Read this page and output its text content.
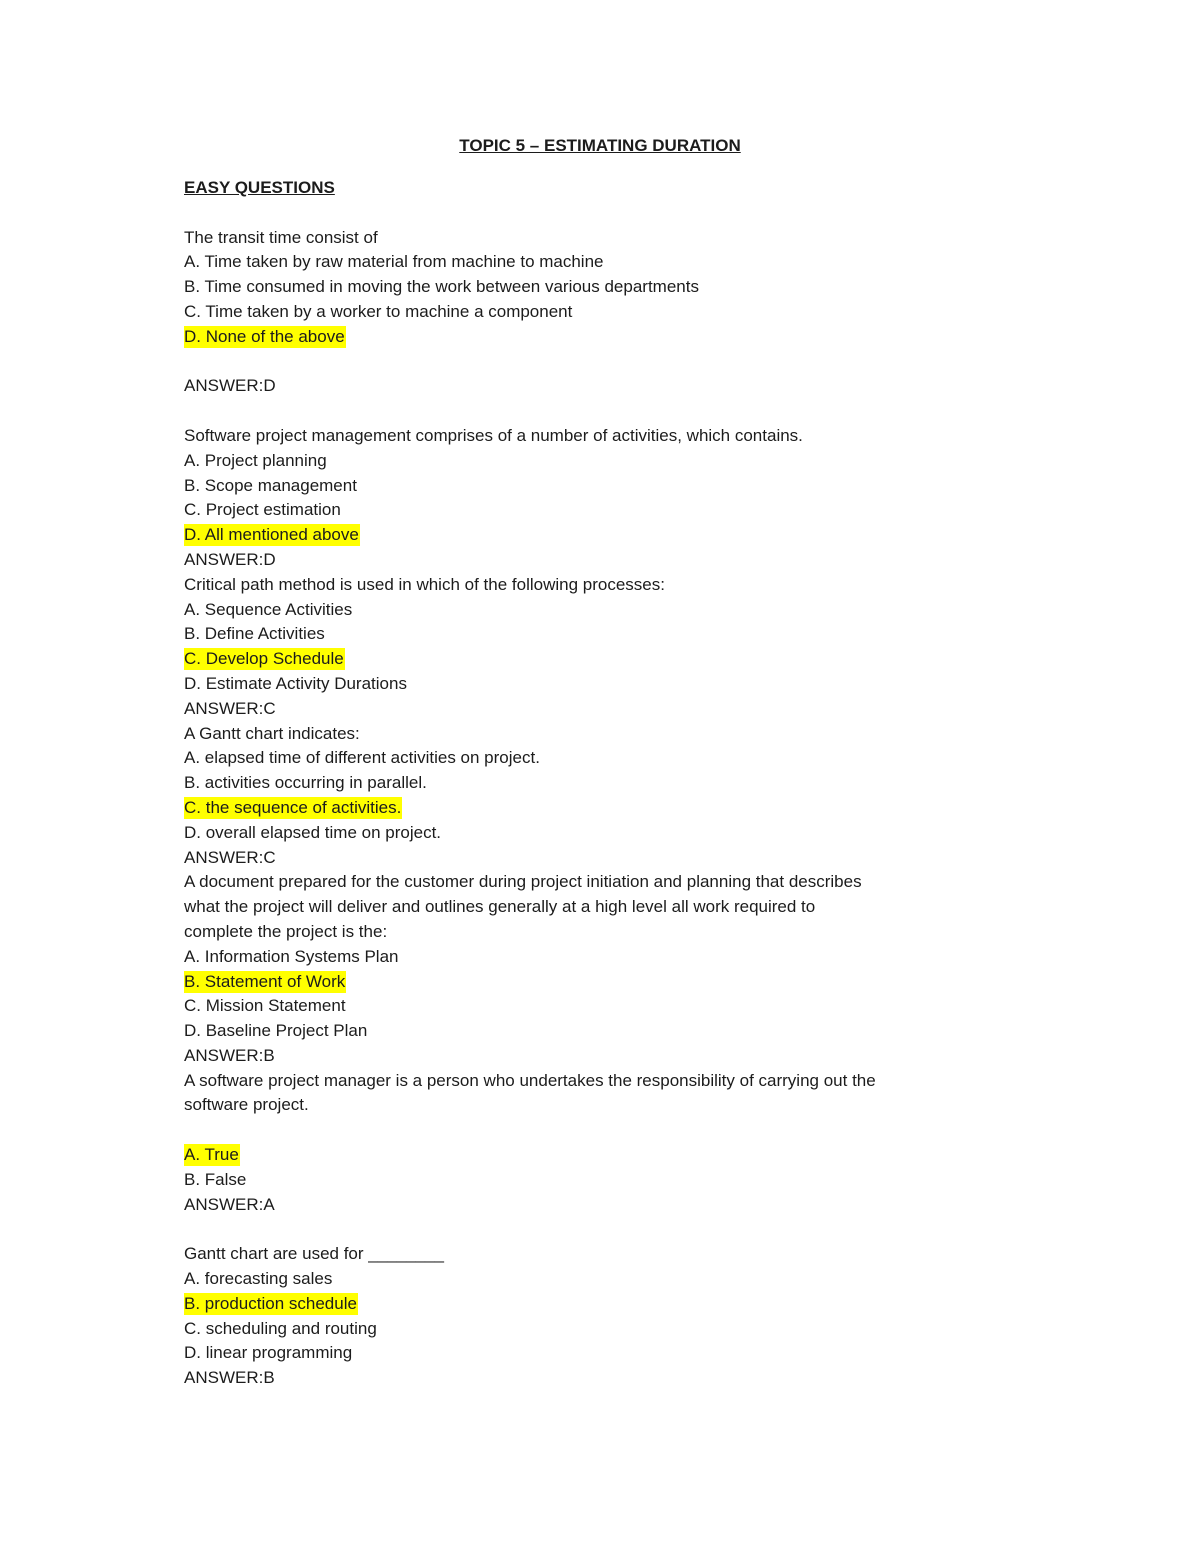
TOPIC 5 – ESTIMATING DURATION
EASY QUESTIONS
The transit time consist of
A. Time taken by raw material from machine to machine
B. Time consumed in moving the work between various departments
C. Time taken by a worker to machine a component
D. None of the above
ANSWER:D
Software project management comprises of a number of activities, which contains.
A. Project planning
B. Scope management
C. Project estimation
D. All mentioned above
ANSWER:D
Critical path method is used in which of the following processes:
A. Sequence Activities
B. Define Activities
C. Develop Schedule
D. Estimate Activity Durations
ANSWER:C
A Gantt chart indicates:
A. elapsed time of different activities on project.
B. activities occurring in parallel.
C. the sequence of activities.
D. overall elapsed time on project.
ANSWER:C
A document prepared for the customer during project initiation and planning that describes
what the project will deliver and outlines generally at a high level all work required to
complete the project is the:
A. Information Systems Plan
B. Statement of Work
C. Mission Statement
D. Baseline Project Plan
ANSWER:B
A software project manager is a person who undertakes the responsibility of carrying out the
software project.
A. True
B. False
ANSWER:A
Gantt chart are used for ________
A. forecasting sales
B. production schedule
C. scheduling and routing
D. linear programming
ANSWER:B
